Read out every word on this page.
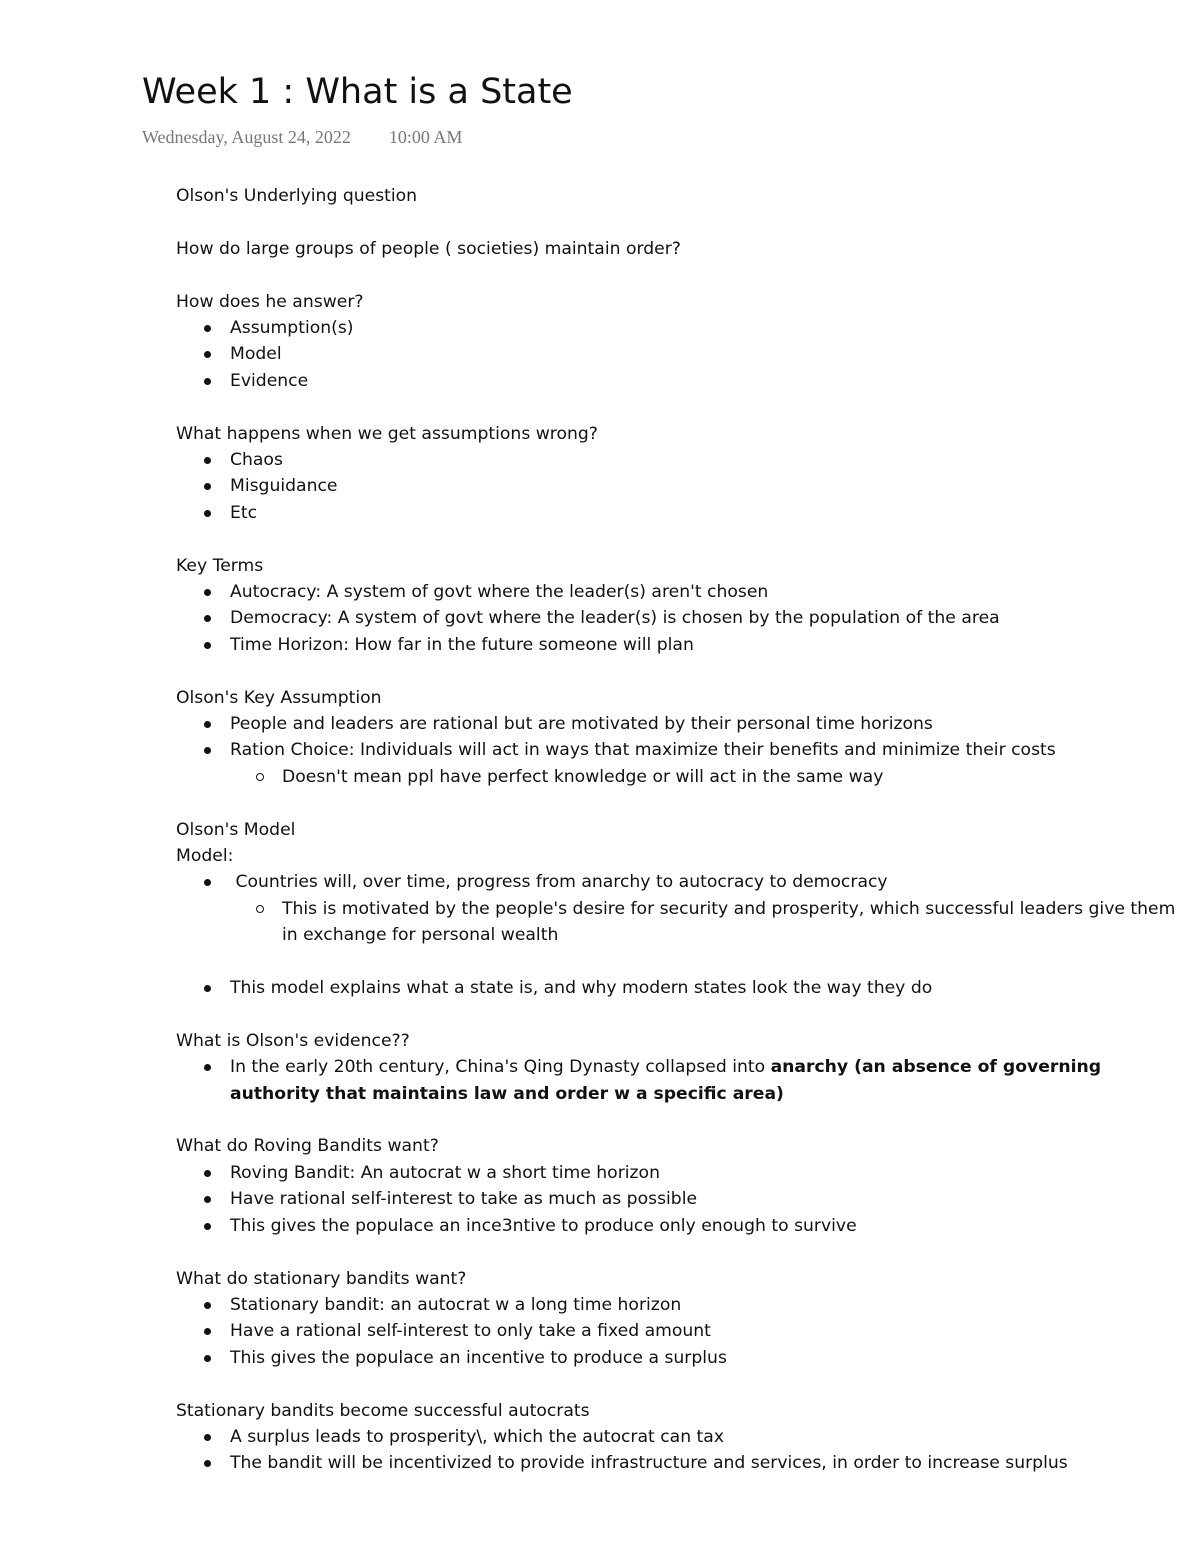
Week 1 : What is a State
Wednesday, August 24, 2022 10:00 AM
Olson's Underlying question
How do large groups of people ( societies) maintain order?
How does he answer?
Assumption(s)
Model
Evidence
What happens when we get assumptions wrong?
Chaos
Misguidance
Etc
Key Terms
Autocracy: A system of govt where the leader(s) aren't chosen
Democracy: A system of govt where the leader(s) is chosen by the population of the area
Time Horizon: How far in the future someone will plan
Olson's Key Assumption
People and leaders are rational but are motivated by their personal time horizons
Ration Choice: Individuals will act in ways that maximize their benefits and minimize their costs
Doesn't mean ppl have perfect knowledge or will act in the same way
Olson's Model
Model:
Countries will, over time, progress from anarchy to autocracy to democracy
This is motivated by the people's desire for security and prosperity, which successful leaders give them in exchange for personal wealth
This model explains what a state is, and why modern states look the way they do
What is Olson's evidence??
In the early 20th century, China's Qing Dynasty collapsed into anarchy (an absence of governing authority that maintains law and order w a specific area)
What do Roving Bandits want?
Roving Bandit: An autocrat w a short time horizon
Have rational self-interest to take as much as possible
This gives the populace an ince3ntive to produce only enough to survive
What do stationary bandits want?
Stationary bandit: an autocrat w a long time horizon
Have a rational self-interest to only take a fixed amount
This gives the populace an incentive to produce a surplus
Stationary bandits become successful autocrats
A surplus leads to prosperity\, which the autocrat can tax
The bandit will be incentivized to provide infrastructure and services, in order to increase surplus
